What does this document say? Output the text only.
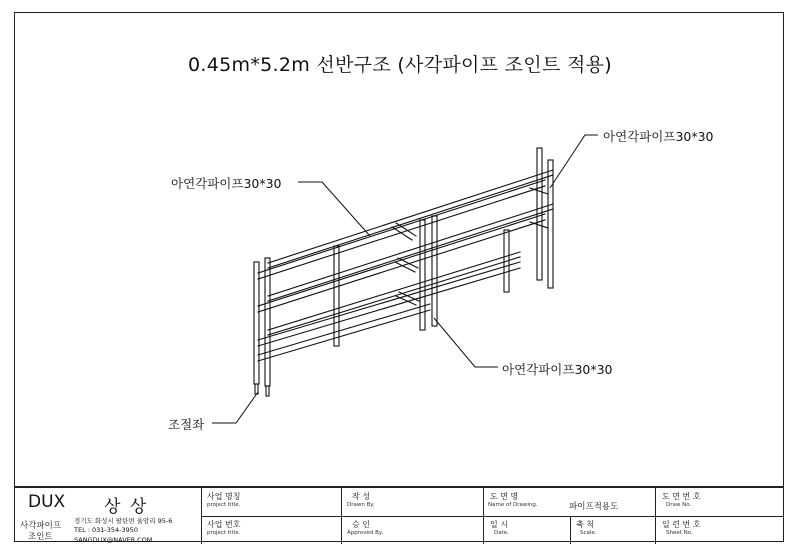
0.45m*5.2m 선반구조 (사각파이프 조인트 적용)
아연각파이프30*30
아연각파이프30*30
아연각파이프30*30
조절좌
DUX 상 상
사각파이프
조인트
경기도 화성시 팔탄면 율암리 95-6
TEL : 031-354-3950
SANGDUX@NAVER.COM
사업 명칭
project title.
사업 번호
project title.
작 성
Drawn By.
승 인
Approved By.
도 면 명
Name of Drawing.	파이프적용도
일 시
Date.
축 척
Scale.
도 면 번 호
Draw No.
일 련 번 호
Sheet No.
